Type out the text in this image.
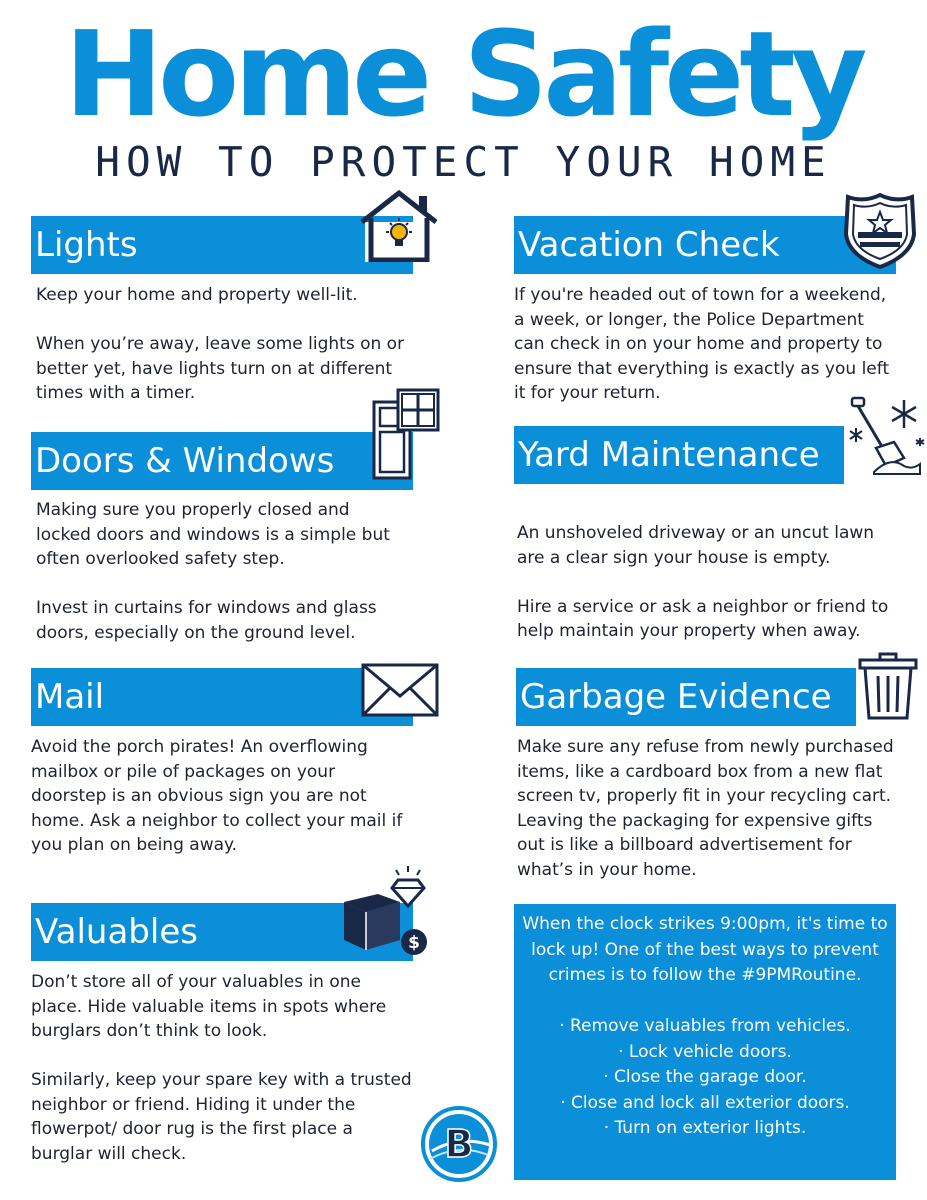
Home Safety
HOW TO PROTECT YOUR HOME
Lights

Keep your home and property well-lit.

When you’re away, leave some lights on or better yet, have lights turn on at different times with a timer.

Doors & Windows

Making sure you properly closed and locked doors and windows is a simple but often overlooked safety step.

Invest in curtains for windows and glass doors, especially on the ground level.

Mail

Avoid the porch pirates! An overflowing mailbox or pile of packages on your doorstep is an obvious sign you are not home. Ask a neighbor to collect your mail if you plan on being away.

Valuables	$

Don’t store all of your valuables in one place. Hide valuable items in spots where burglars don’t think to look.

Similarly, keep your spare key with a trusted neighbor or friend. Hiding it under the flowerpot/ door rug is the first place a burglar will check.

Vacation Check

If you're headed out of town for a weekend, a week, or longer, the Police Department can check in on your home and property to ensure that everything is exactly as you left it for your return.

Yard Maintenance

An unshoveled driveway or an uncut lawn are a clear sign your house is empty.

Hire a service or ask a neighbor or friend to help maintain your property when away.

Garbage Evidence

Make sure any refuse from newly purchased items, like a cardboard box from a new flat screen tv, properly fit in your recycling cart. Leaving the packaging for expensive gifts out is like a billboard advertisement for what’s in your home.

When the clock strikes 9:00pm, it's time to lock up! One of the best ways to prevent crimes is to follow the #9PMRoutine.

· Remove valuables from vehicles.
· Lock vehicle doors.
· Close the garage door.
· Close and lock all exterior doors.
· Turn on exterior lights.
B
